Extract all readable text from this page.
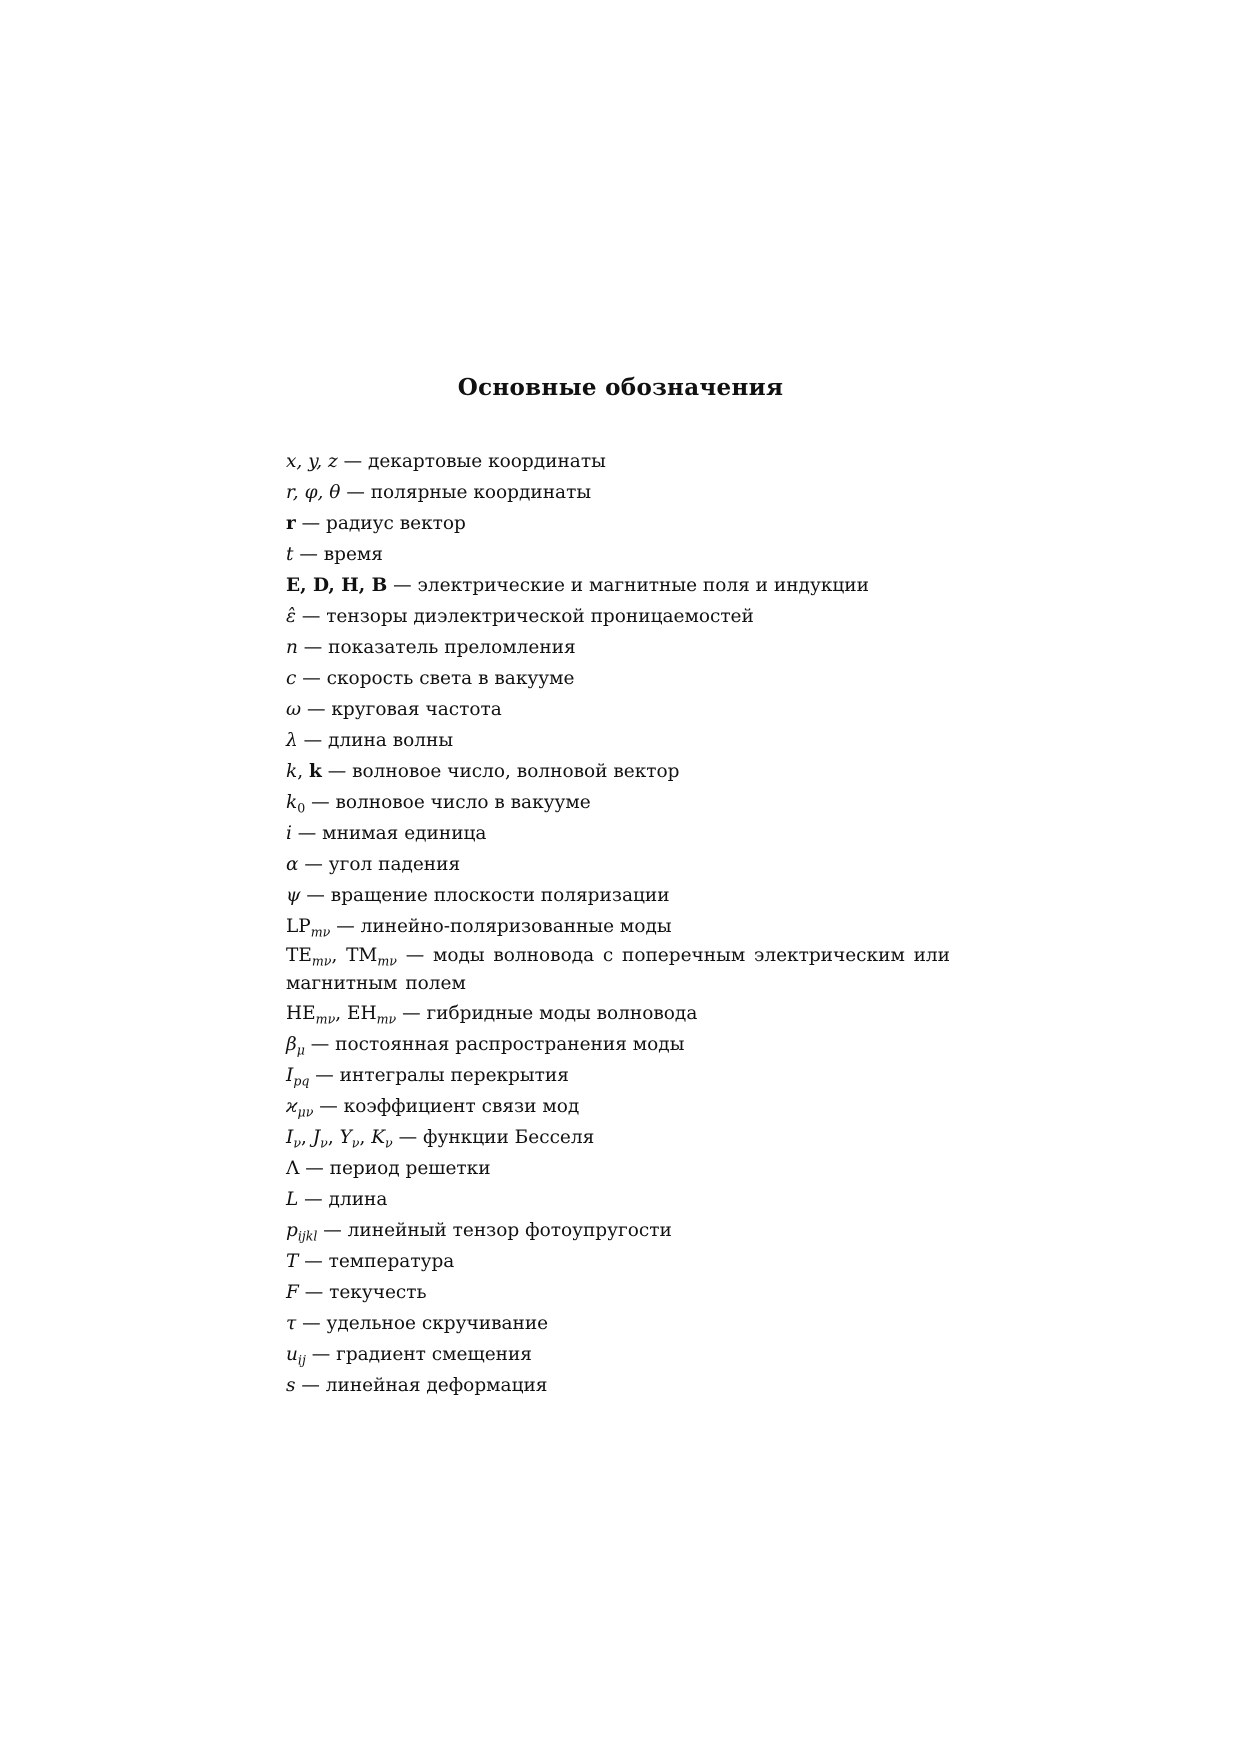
Основные обозначения
x, y, z — декартовые координаты
r, φ, θ — полярные координаты
r — радиус вектор
t — время
E, D, H, B — электрические и магнитные поля и индукции
ε̂ — тензоры диэлектрической проницаемостей
n — показатель преломления
c — скорость света в вакууме
ω — круговая частота
λ — длина волны
k, k — волновое число, волновой вектор
$k_0$ — волновое число в вакууме
i — мнимая единица
α — угол падения
ψ — вращение плоскости поляризации
$LP_{m\nu}$ — линейно-поляризованные моды
$TE_{m\nu}$, $TM_{m\nu}$ — моды волновода с поперечным электрическим или магнитным полем
$HE_{m\nu}$, $EH_{m\nu}$ — гибридные моды волновода
$\beta_\mu$ — постоянная распространения моды
$I_{pq}$ — интегралы перекрытия
$ϰ_{\mu\nu}$ — коэффициент связи мод
$I_\nu$, $J_\nu$, $Y_\nu$, $K_\nu$ — функции Бесселя
Λ — период решетки
L — длина
$p_{ijkl}$ — линейный тензор фотоупругости
T — температура
F — текучесть
τ — удельное скручивание
$u_{ij}$ — градиент смещения
s — линейная деформация
